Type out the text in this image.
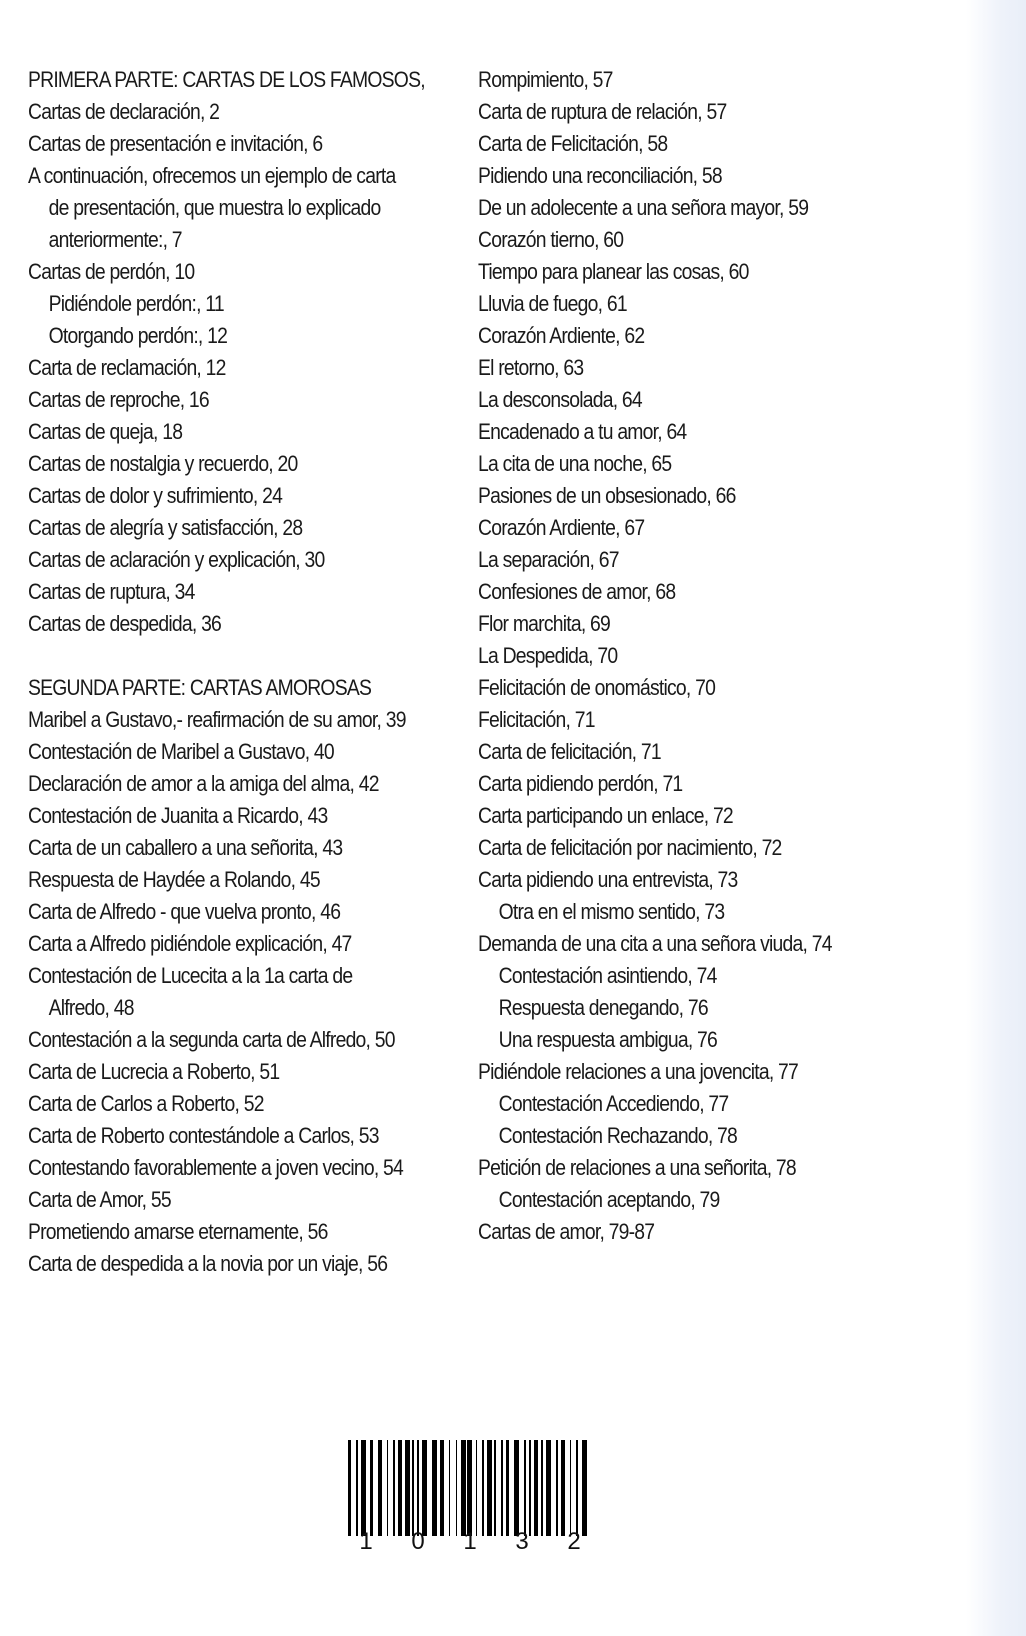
PRIMERA PARTE: CARTAS DE LOS FAMOSOS,
Cartas de declaración, 2
Cartas de presentación e invitación, 6
A continuación, ofrecemos un ejemplo de carta
de presentación, que muestra lo explicado
anteriormente:, 7
Cartas de perdón, 10
Pidiéndole perdón:, 11
Otorgando perdón:, 12
Carta de reclamación, 12
Cartas de reproche, 16
Cartas de queja, 18
Cartas de nostalgia y recuerdo, 20
Cartas de dolor y sufrimiento, 24
Cartas de alegría y satisfacción, 28
Cartas de aclaración y explicación, 30
Cartas de ruptura, 34
Cartas de despedida, 36
SEGUNDA PARTE: CARTAS AMOROSAS
Maribel a Gustavo,- reafirmación de su amor, 39
Contestación de Maribel a Gustavo, 40
Declaración de amor a la amiga del alma, 42
Contestación de Juanita a Ricardo, 43
Carta de un caballero a una señorita, 43
Respuesta de Haydée a Rolando, 45
Carta de Alfredo - que vuelva pronto, 46
Carta a Alfredo pidiéndole explicación, 47
Contestación de Lucecita a la 1a carta de
Alfredo, 48
Contestación a la segunda carta de Alfredo, 50
Carta de Lucrecia a Roberto, 51
Carta de Carlos a Roberto, 52
Carta de Roberto contestándole a Carlos, 53
Contestando favorablemente a joven vecino, 54
Carta de Amor, 55
Prometiendo amarse eternamente, 56
Carta de despedida a la novia por un viaje, 56
Rompimiento, 57
Carta de ruptura de relación, 57
Carta de Felicitación, 58
Pidiendo una reconciliación, 58
De un adolecente a una señora mayor, 59
Corazón tierno, 60
Tiempo para planear las cosas, 60
Lluvia de fuego, 61
Corazón Ardiente, 62
El retorno, 63
La desconsolada, 64
Encadenado a tu amor, 64
La cita de una noche, 65
Pasiones de un obsesionado, 66
Corazón Ardiente, 67
La separación, 67
Confesiones de amor, 68
Flor marchita, 69
La Despedida, 70
Felicitación de onomástico, 70
Felicitación, 71
Carta de felicitación, 71
Carta pidiendo perdón, 71
Carta participando un enlace, 72
Carta de felicitación por nacimiento, 72
Carta pidiendo una entrevista, 73
Otra en el mismo sentido, 73
Demanda de una cita a una señora viuda, 74
Contestación asintiendo, 74
Respuesta denegando, 76
Una respuesta ambigua, 76
Pidiéndole relaciones a una jovencita, 77
Contestación Accediendo, 77
Contestación Rechazando, 78
Petición de relaciones a una señorita, 78
Contestación aceptando, 79
Cartas de amor, 79-87
1 0 1 3 2
